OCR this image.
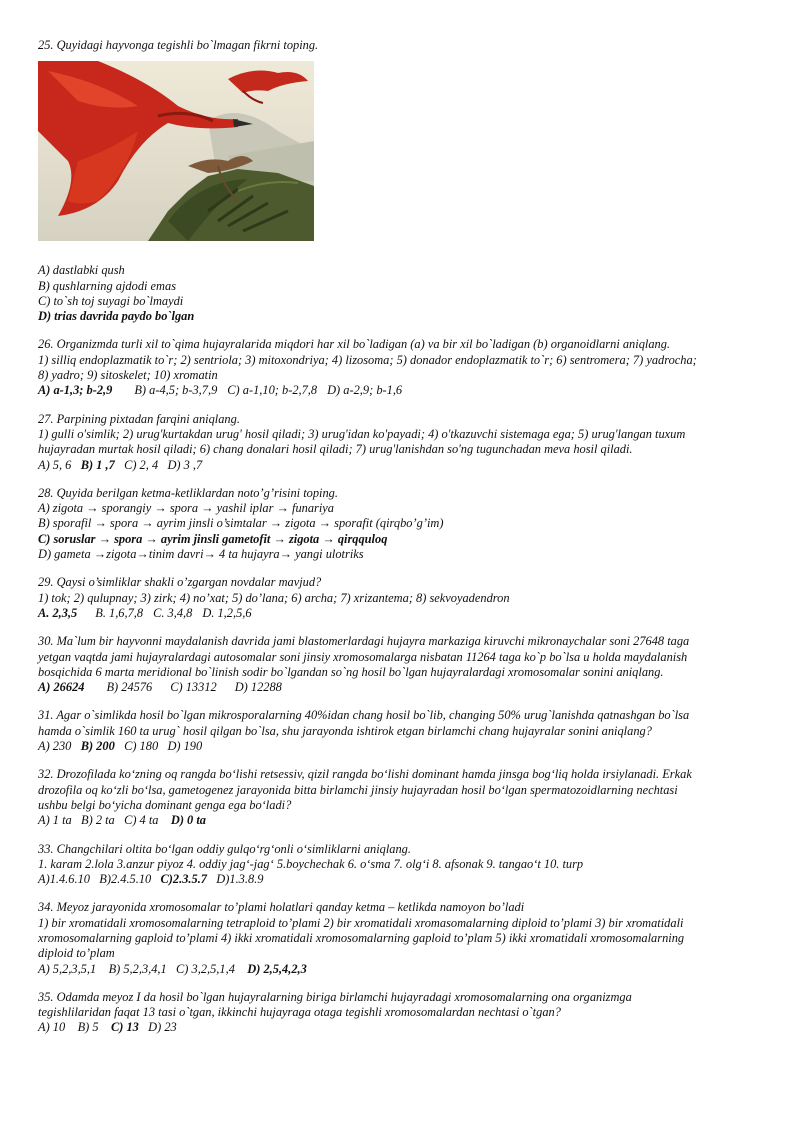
25. Quyidagi hayvonga tegishli bo`lmagan fikrni toping.
A) dastlabki qush
B) qushlarning ajdodi emas
C) to`sh toj suyagi bo`lmaydi
D) trias davrida paydo bo`lgan
26. Organizmda turli xil to`qima hujayralarida miqdori har xil bo`ladigan (a) va bir xil bo`ladigan (b) organoidlarni aniqlang.
1) silliq endoplazmatik to`r; 2) sentriola; 3) mitoxondriya; 4) lizosoma; 5) donador endoplazmatik to`r; 6) sentromera; 7) yadrocha;
8) yadro; 9) sitoskelet; 10) xromatin
A) a-1,3; b-2,9 B) a-4,5; b-3,7,9 C) a-1,10; b-2,7,8 D) a-2,9; b-1,6
27. Parpining pixtadan farqini aniqlang.
1) gulli o'simlik; 2) urug'kurtakdan urug' hosil qiladi; 3) urug'idan ko'payadi; 4) o'tkazuvchi sistemaga ega; 5) urug'langan tuxum
hujayradan murtak hosil qiladi; 6) chang donalari hosil qiladi; 7) urug'lanishdan so'ng tugunchadan meva hosil qiladi.
A) 5, 6 B) 1 ,7 C) 2, 4 D) 3 ,7
28. Quyida berilgan ketma-ketliklardan noto’g’risini toping.
A) zigota → sporangiy → spora → yashil iplar → funariya
B) sporafil → spora → ayrim jinsli o’simtalar → zigota → sporafit (qirqbo’g’im)
C) soruslar → spora → ayrim jinsli gametofit → zigota → qirqquloq
D) gameta →zigota→tinim davri→ 4 ta hujayra→ yangi ulotriks
29. Qaysi o’simliklar shakli o’zgargan novdalar mavjud?
1) tok; 2) qulupnay; 3) zirk; 4) no’xat; 5) do’lana; 6) archa; 7) xrizantema; 8) sekvoyadendron
A. 2,3,5 B. 1,6,7,8 C. 3,4,8 D. 1,2,5,6
30. Ma`lum bir hayvonni maydalanish davrida jami blastomerlardagi hujayra markaziga kiruvchi mikronaychalar soni 27648 taga
yetgan vaqtda jami hujayralardagi autosomalar soni jinsiy xromosomalarga nisbatan 11264 taga ko`p bo`lsa u holda maydalanish
bosqichida 6 marta meridional bo`linish sodir bo`lgandan so`ng hosil bo`lgan hujayralardagi xromosomalar sonini aniqlang.
A) 26624 B) 24576 C) 13312 D) 12288
31. Agar o`simlikda hosil bo`lgan mikrosporalarning 40%idan chang hosil bo`lib, changing 50% urug`lanishda qatnashgan bo`lsa
hamda o`simlik 160 ta urug` hosil qilgan bo`lsa, shu jarayonda ishtirok etgan birlamchi chang hujayralar sonini aniqlang?
A) 230 B) 200 C) 180 D) 190
32. Drozofilada ko‘zning oq rangda bo‘lishi retsessiv, qizil rangda bo‘lishi dominant hamda jinsga bog‘liq holda irsiylanadi. Erkak
drozofila oq ko‘zli bo‘lsa, gametogenez jarayonida bitta birlamchi jinsiy hujayradan hosil bo‘lgan spermatozoidlarning nechtasi
ushbu belgi bo‘yicha dominant genga ega bo‘ladi?
A) 1 ta B) 2 ta C) 4 ta D) 0 ta
33. Changchilari oltita bo‘lgan oddiy gulqo‘rg‘onli o‘simliklarni aniqlang.
1. karam 2.lola 3.anzur piyoz 4. oddiy jag‘-jag‘ 5.boychechak 6. o‘sma 7. olg‘i 8. afsonak 9. tangao‘t 10. turp
A)1.4.6.10 B)2.4.5.10 C)2.3.5.7 D)1.3.8.9
34. Meyoz jarayonida xromosomalar to’plami holatlari qanday ketma – ketlikda namoyon bo’ladi
1) bir xromatidali xromosomalarning tetraploid to’plami 2) bir xromatidali xromasomalarning diploid to’plami 3) bir xromatidali
xromosomalarning gaploid to’plami 4) ikki xromatidali xromosomalarning gaploid to’plam 5) ikki xromatidali xromosomalarning
diploid to’plam
A) 5,2,3,5,1 B) 5,2,3,4,1 C) 3,2,5,1,4 D) 2,5,4,2,3
35. Odamda meyoz I da hosil bo`lgan hujayralarning biriga birlamchi hujayradagi xromosomalarning ona organizmga
tegishlilaridan faqat 13 tasi o`tgan, ikkinchi hujayraga otaga tegishli xromosomalardan nechtasi o`tgan?
A) 10 B) 5 C) 13 D) 23
